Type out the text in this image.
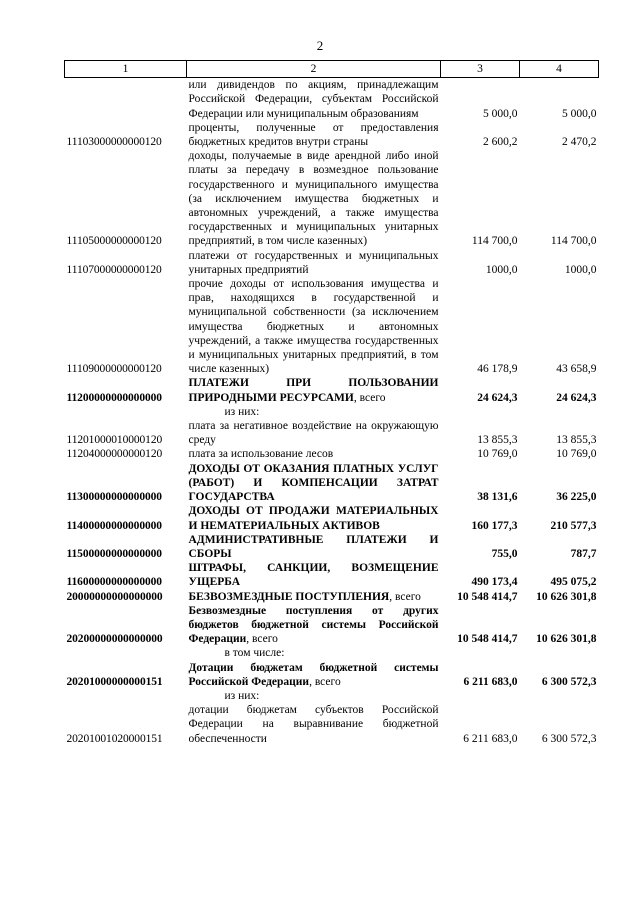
2
1	2	3	4
	или дивидендов по акциям, принадлежащим Российской Федерации, субъектам Российской Федерации или муниципальным образованиям	5 000,0	5 000,0
11103000000000120	проценты, полученные от предоставления бюджетных кредитов внутри страны	2 600,2	2 470,2
11105000000000120	доходы, получаемые в виде арендной либо иной платы за передачу в возмездное пользование государственного и муниципального имущества (за исключением имущества бюджетных и автономных учреждений, а также имущества государственных и муниципальных унитарных предприятий, в том числе казенных)	114 700,0	114 700,0
11107000000000120	платежи от государственных и муниципальных унитарных предприятий	1000,0	1000,0
11109000000000120	прочие доходы от использования имущества и прав, находящихся в государственной и муниципальной собственности (за исключением имущества бюджетных и автономных учреждений, а также имущества государственных и муниципальных унитарных предприятий, в том числе казенных)	46 178,9	43 658,9
11200000000000000	ПЛАТЕЖИ ПРИ ПОЛЬЗОВАНИИ ПРИРОДНЫМИ РЕСУРСАМИ, всего	24 624,3	24 624,3
	из них:		
11201000010000120	плата за негативное воздействие на окружающую среду	13 855,3	13 855,3
11204000000000120	плата за использование лесов	10 769,0	10 769,0
11300000000000000	ДОХОДЫ ОТ ОКАЗАНИЯ ПЛАТНЫХ УСЛУГ (РАБОТ) И КОМПЕНСАЦИИ ЗАТРАТ ГОСУДАРСТВА	38 131,6	36 225,0
11400000000000000	ДОХОДЫ ОТ ПРОДАЖИ МАТЕРИАЛЬНЫХ И НЕМАТЕРИАЛЬНЫХ АКТИВОВ	160 177,3	210 577,3
11500000000000000	АДМИНИСТРАТИВНЫЕ ПЛАТЕЖИ И СБОРЫ	755,0	787,7
11600000000000000	ШТРАФЫ, САНКЦИИ, ВОЗМЕЩЕНИЕ УЩЕРБА	490 173,4	495 075,2
20000000000000000	БЕЗВОЗМЕЗДНЫЕ ПОСТУПЛЕНИЯ, всего	10 548 414,7	10 626 301,8
20200000000000000	Безвозмездные поступления от других бюджетов бюджетной системы Российской Федерации, всего	10 548 414,7	10 626 301,8
	в том числе:		
20201000000000151	Дотации бюджетам бюджетной системы Российской Федерации, всего	6 211 683,0	6 300 572,3
	из них:		
20201001020000151	дотации бюджетам субъектов Российской Федерации на выравнивание бюджетной обеспеченности	6 211 683,0	6 300 572,3
